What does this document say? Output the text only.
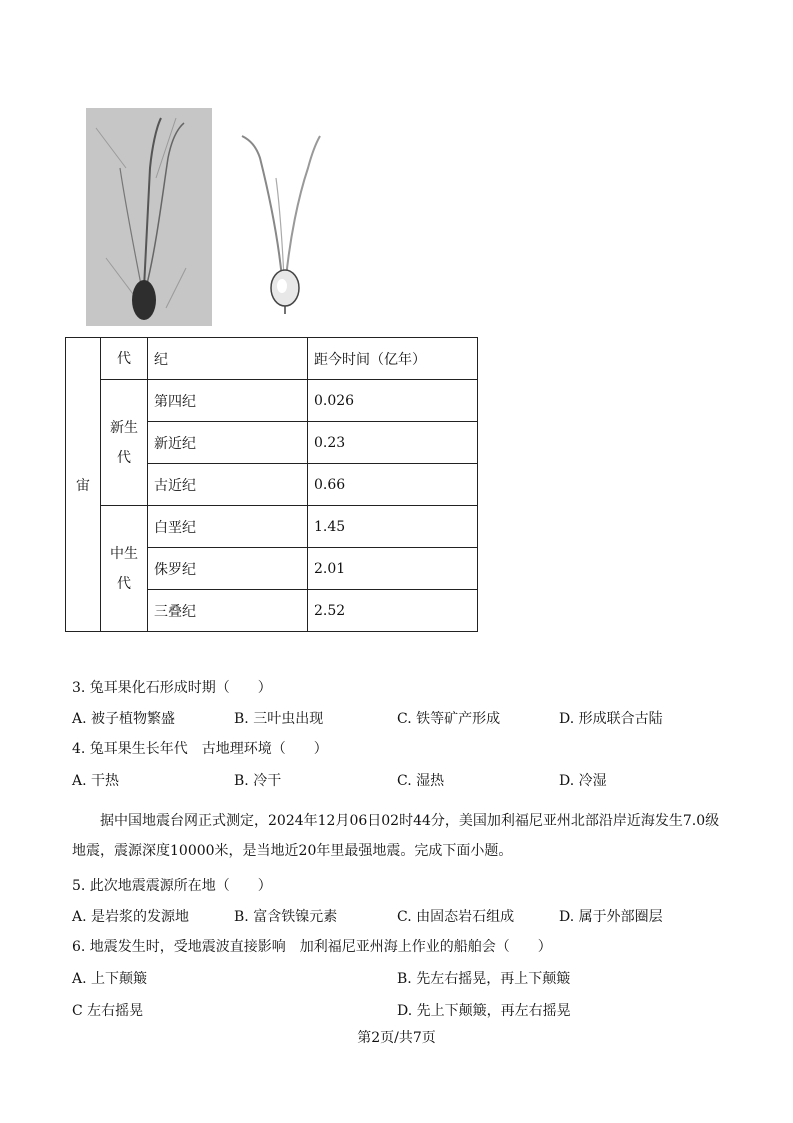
宙	代	纪	距今时间（亿年）
	新生代	第四纪	0.026
		新近纪	0.23
		古近纪	0.66
	中生代	白垩纪	1.45
		侏罗纪	2.01
		三叠纪	2.52
3. 兔耳果化石形成时期（　　）
A. 被子植物繁盛	B. 三叶虫出现	C. 铁等矿产形成	D. 形成联合古陆
4. 兔耳果生长年代　古地理环境（　　）
A. 干热	B. 冷干	C. 湿热	D. 冷湿
据中国地震台网正式测定，2024年12月06日02时44分，美国加利福尼亚州北部沿岸近海发生7.0级地震，震源深度10000米，是当地近20年里最强地震。完成下面小题。
5. 此次地震震源所在地（　　）
A. 是岩浆的发源地	B. 富含铁镍元素	C. 由固态岩石组成	D. 属于外部圈层
6. 地震发生时，受地震波直接影响　加利福尼亚州海上作业的船舶会（　　）
A. 上下颠簸	B. 先左右摇晃，再上下颠簸
C 左右摇晃	D. 先上下颠簸，再左右摇晃
第2页/共7页
